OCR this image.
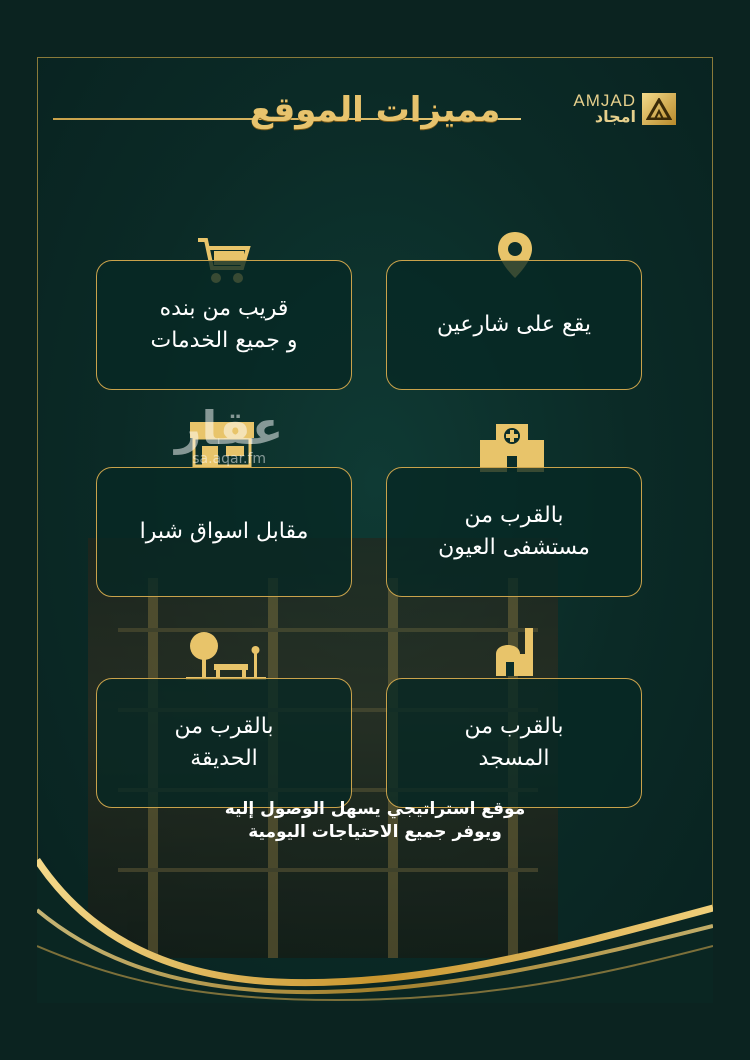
AMJAD
امجاد
مميزات الموقع
يقع على شارعين
قريب من بنده
و جميع الخدمات
بالقرب من
مستشفى العيون
مقابل اسواق شبرا
بالقرب من
المسجد
بالقرب من
الحديقة
عقار
sa.aqar.fm
موقع استراتيجي يسهل الوصول إليه
ويوفر جميع الاحتياجات اليومية
